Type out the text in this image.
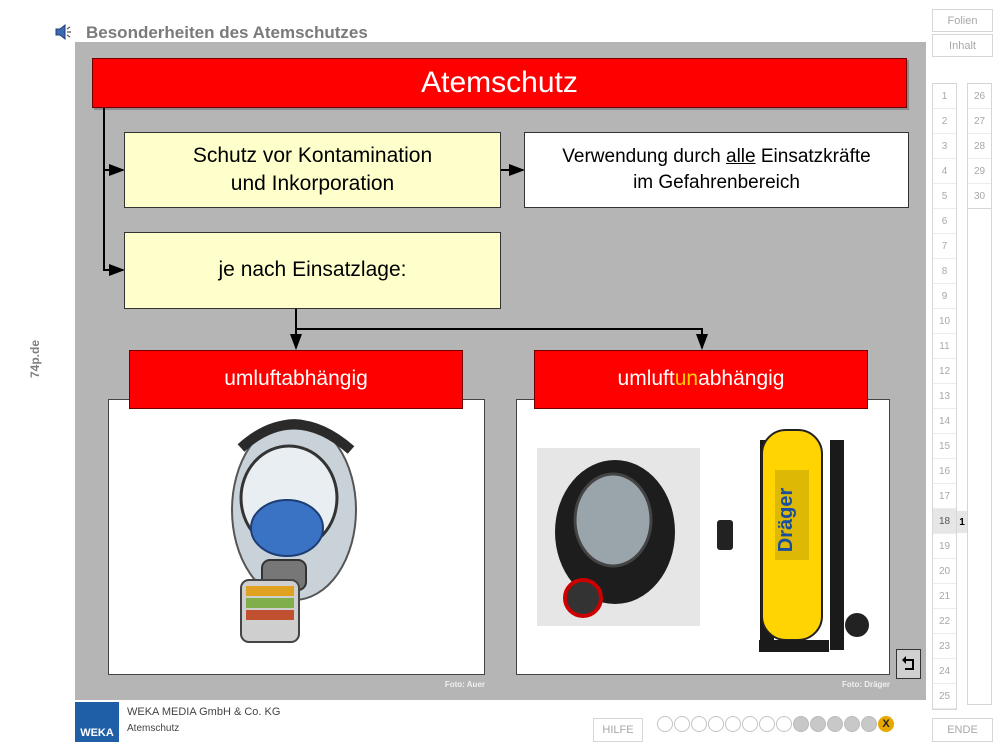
Besonderheiten des Atemschutzes
74p.de
Atemschutz
Schutz vor Kontamination
und Inkorporation
Verwendung durch alle Einsatzkräfte
im Gefahrenbereich
je nach Einsatzlage:
Foto: Auer
Dräger
Foto: Dräger
umluftabhängig	umluft un abhängig
Folien
Inhalt
1
2
3
4
5
6
7
8
9
10
11
12
13
14
15
16
17
18
19
20
21
22
23
24
25
26
27
28
29
30
1
WEKA
WEKA MEDIA GmbH & Co. KG
Atemschutz	HILFE	X	ENDE
